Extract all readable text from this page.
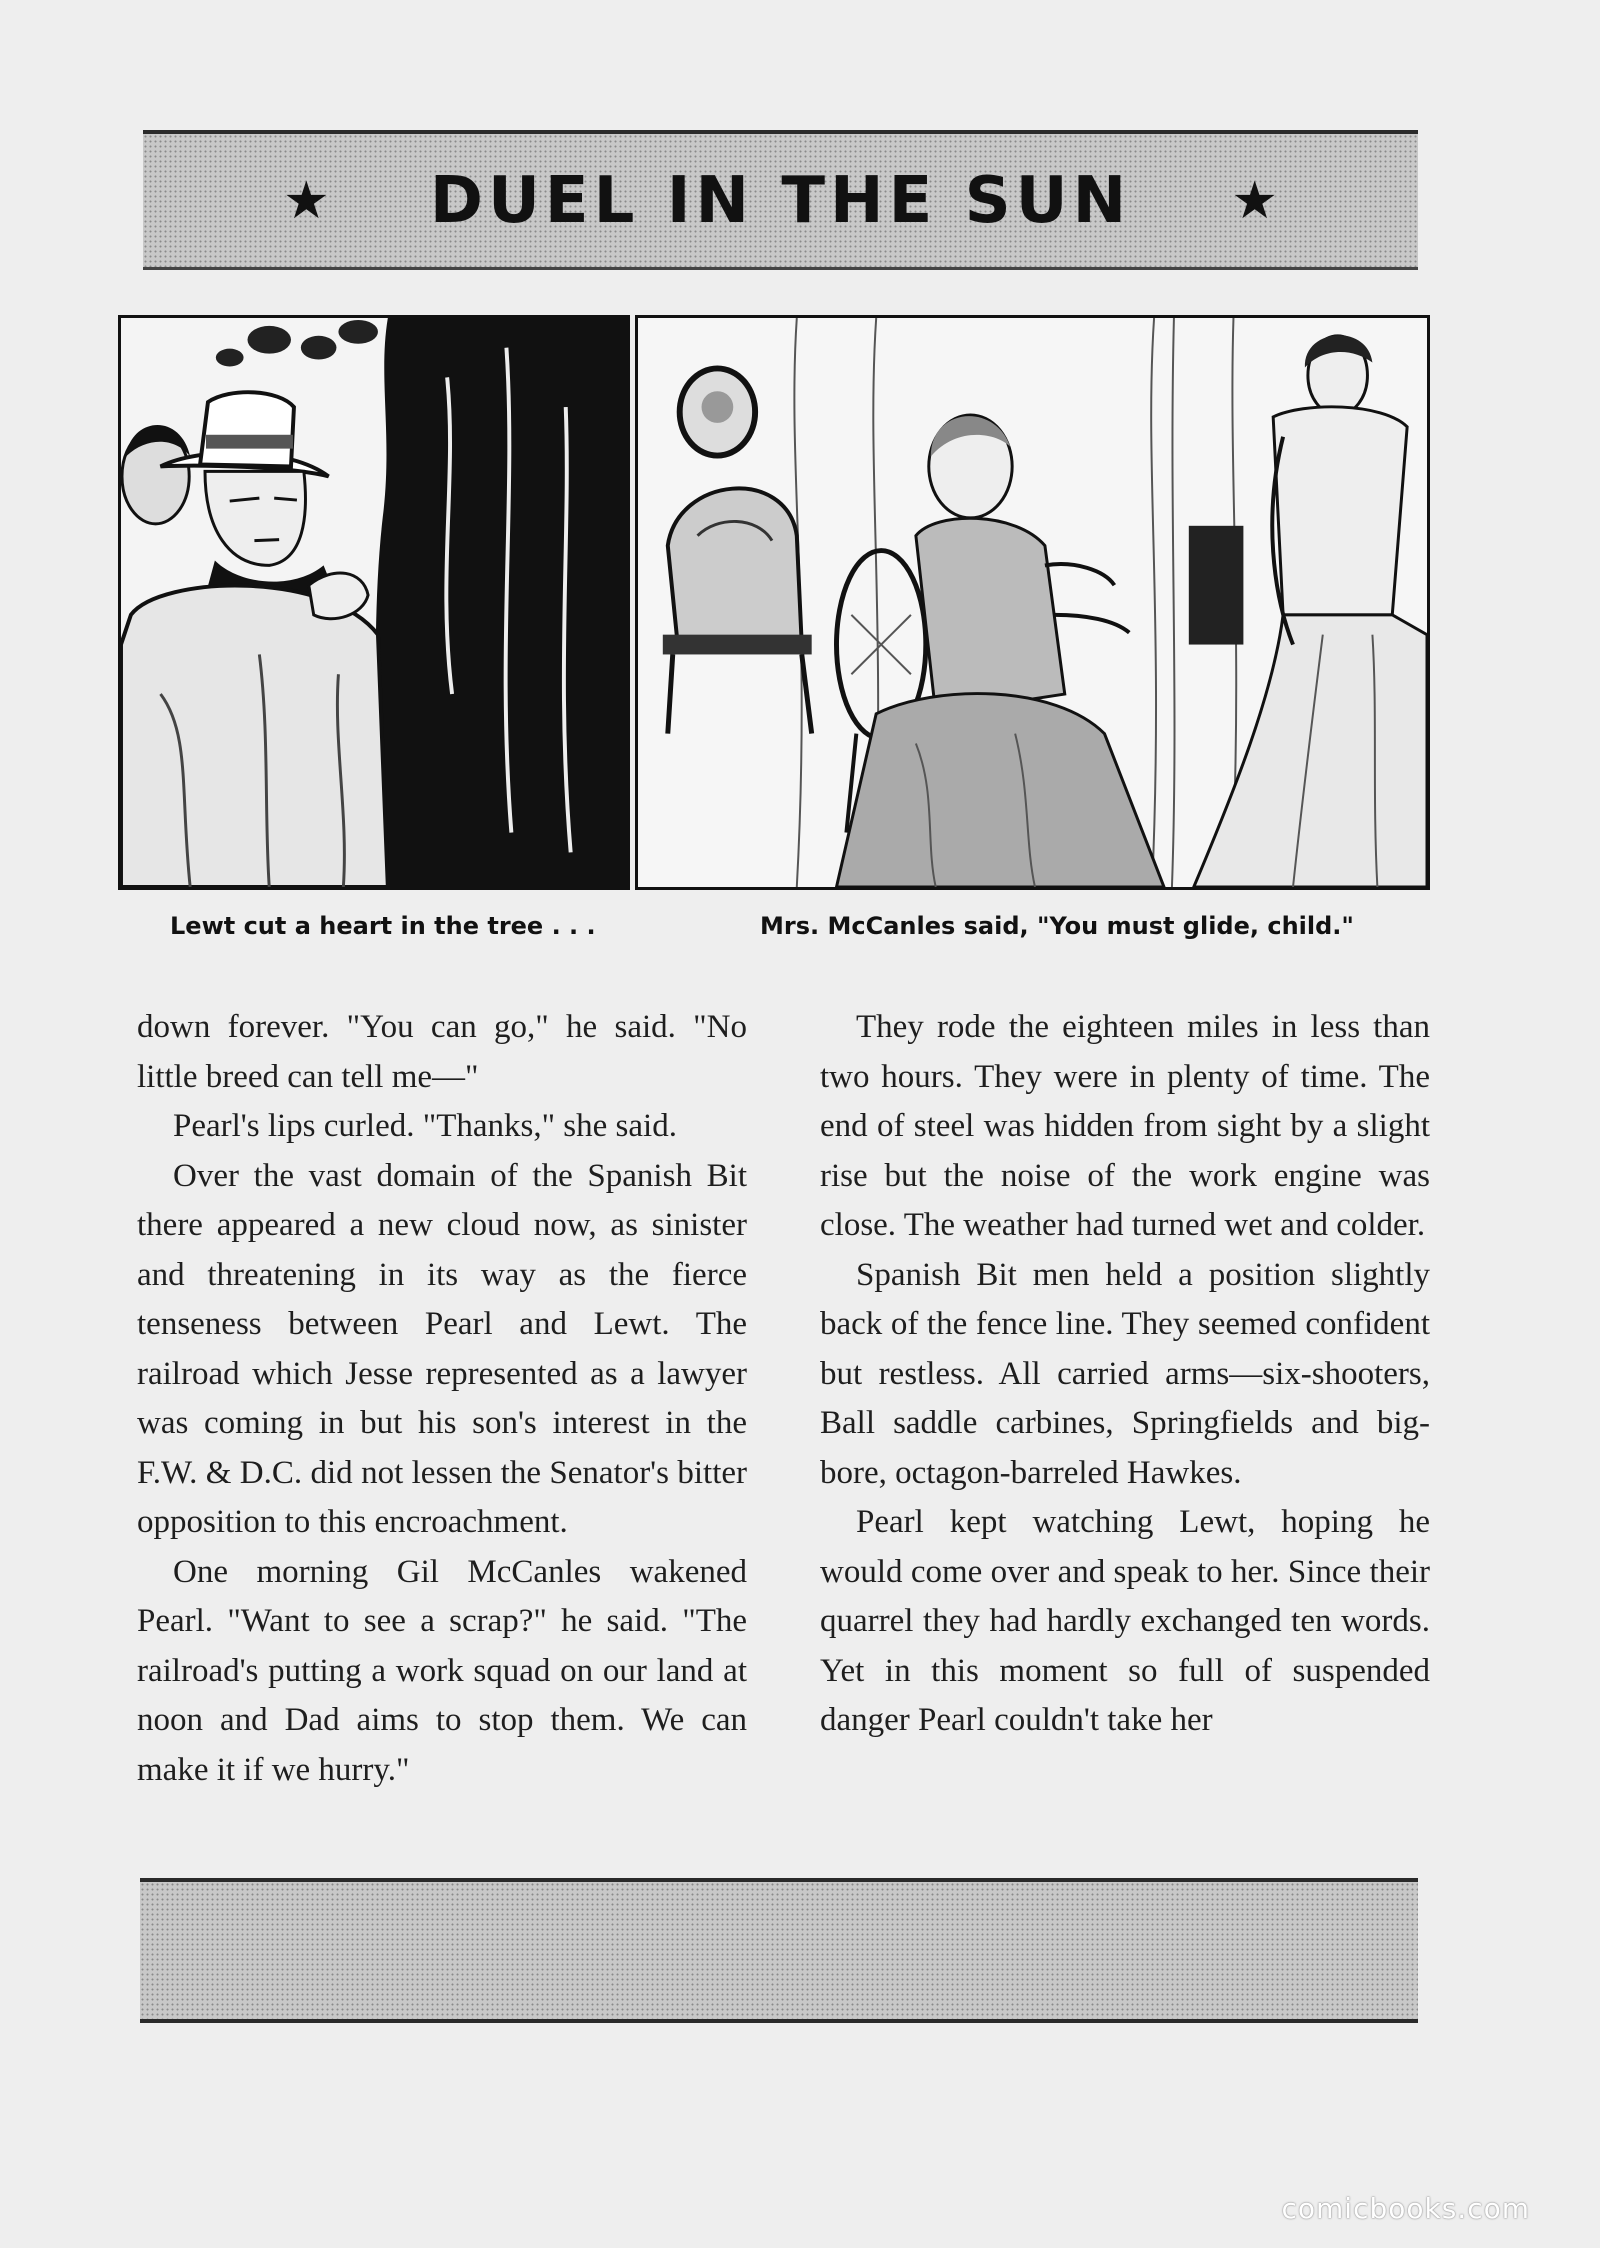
★ DUEL IN THE SUN ★
Lewt cut a heart in the tree . . .	Mrs. McCanles said, "You must glide, child."

down forever. "You can go," he said. "No little breed can tell me—"

Pearl's lips curled. "Thanks," she said.

Over the vast domain of the Spanish Bit there appeared a new cloud now, as sinister and threatening in its way as the fierce tenseness between Pearl and Lewt. The railroad which Jesse represented as a lawyer was coming in but his son's interest in the F.W. & D.C. did not lessen the Senator's bitter opposition to this encroachment.

One morning Gil McCanles wakened Pearl. "Want to see a scrap?" he said. "The railroad's putting a work squad on our land at noon and Dad aims to stop them. We can make it if we hurry."

They rode the eighteen miles in less than two hours. They were in plenty of time. The end of steel was hidden from sight by a slight rise but the noise of the work engine was close. The weather had turned wet and colder.

Spanish Bit men held a position slightly back of the fence line. They seemed confident but restless. All carried arms—six-shooters, Ball saddle carbines, Springfields and big-bore, octagon-barreled Hawkes.

Pearl kept watching Lewt, hoping he would come over and speak to her. Since their quarrel they had hardly exchanged ten words. Yet in this moment so full of suspended danger Pearl couldn't take her

comicbooks.com
